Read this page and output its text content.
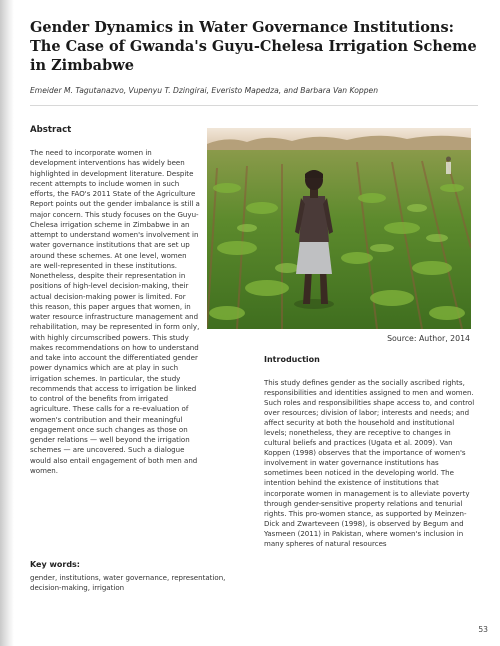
Gender Dynamics in Water Governance Institutions: The Case of Gwanda's Guyu-Chelesa Irrigation Scheme in Zimbabwe
Emeider M. Tagutanazvo, Vupenyu T. Dzingirai, Everisto Mapedza, and Barbara Van Koppen
Abstract

The need to incorporate women in development interventions has widely been highlighted in development literature. Despite recent attempts to include women in such efforts, the FAO's 2011 State of the Agriculture Report points out the gender imbalance is still a major concern. This study focuses on the Guyu-Chelesa irrigation scheme in Zimbabwe in an attempt to understand women's involvement in water governance institutions that are set up around these schemes. At one level, women are well-represented in these institutions. Nonetheless, despite their representation in positions of high-level decision-making, their actual decision-making power is limited. For this reason, this paper argues that women, in water resource infrastructure management and rehabilitation, may be represented in form only, with highly circumscribed powers. This study makes recommendations on how to understand and take into account the differentiated gender power dynamics which are at play in such irrigation schemes. In particular, the study recommends that access to irrigation be linked to control of the benefits from irrigated agriculture. These calls for a re-evaluation of women's contribution and their meaningful engagement once such changes as those on gender relations — well beyond the irrigation schemes — are uncovered. Such a dialogue would also entail engagement of both men and women.

Key words:

gender, institutions, water governance, representation, decision-making, irrigation

Source: Author, 2014
Introduction

This study defines gender as the socially ascribed rights, responsibilities and identities assigned to men and women. Such roles and responsibilities shape access to, and control over resources; division of labor; interests and needs; and affect security at both the household and institutional levels; nonetheless, they are receptive to changes in cultural beliefs and practices (Ugata et al. 2009). Van Koppen (1998) observes that the importance of women's involvement in water governance institutions has sometimes been noticed in the developing world. The intention behind the existence of institutions that incorporate women in management is to alleviate poverty through gender-sensitive property relations and tenurial rights. This pro-women stance, as supported by Meinzen-Dick and Zwarteveen (1998), is observed by Begum and Yasmeen (2011) in Pakistan, where women's inclusion in many spheres of natural resources

53
